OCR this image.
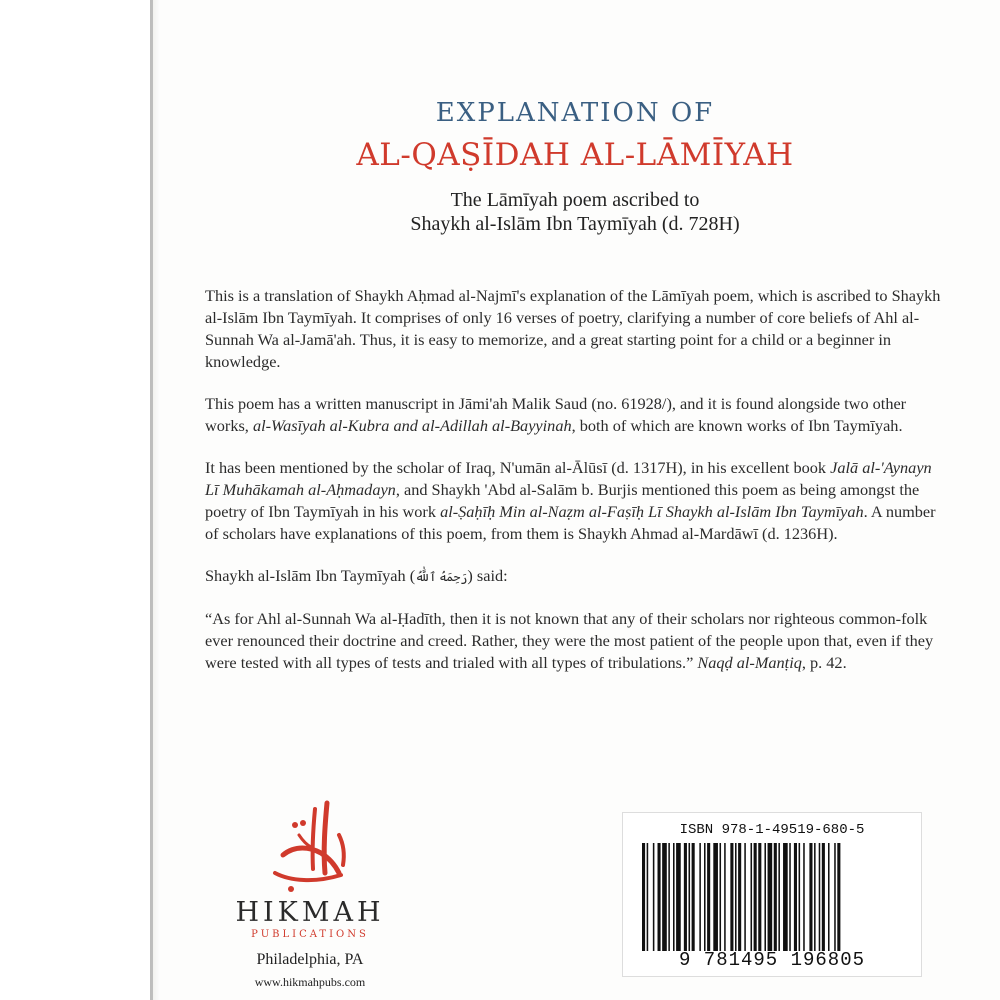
EXPLANATION OF
AL-QAṢĪDAH AL-LĀMĪYAH
The Lāmīyah poem ascribed to
Shaykh al-Islām Ibn Taymīyah (d. 728H)

This is a translation of Shaykh Aḥmad al-Najmī's explanation of the Lāmīyah poem, which is ascribed to Shaykh al-Islām Ibn Taymīyah. It comprises of only 16 verses of poetry, clarifying a number of core beliefs of Ahl al-Sunnah Wa al-Jamā'ah. Thus, it is easy to memorize, and a great starting point for a child or a beginner in knowledge.

This poem has a written manuscript in Jāmi'ah Malik Saud (no. 61928/), and it is found alongside two other works, al-Wasīyah al-Kubra and al-Adillah al-Bayyinah, both of which are known works of Ibn Taymīyah.

It has been mentioned by the scholar of Iraq, N'umān al-Ālūsī (d. 1317H), in his excellent book Jalā al-'Aynayn Lī Muhākamah al-Aḥmadayn, and Shaykh 'Abd al-Salām b. Burjis mentioned this poem as being amongst the poetry of Ibn Taymīyah in his work al-Ṣaḥīḥ Min al-Naẓm al-Faṣīḥ Lī Shaykh al-Islām Ibn Taymīyah. A number of scholars have explanations of this poem, from them is Shaykh Ahmad al-Mardāwī (d. 1236H).

Shaykh al-Islām Ibn Taymīyah (رَحِمَهُ ٱللَّٰهُ) said:

“As for Ahl al-Sunnah Wa al-Ḥadīth, then it is not known that any of their scholars nor righteous common-folk ever renounced their doctrine and creed. Rather, they were the most patient of the people upon that, even if they were tested with all types of tests and trialed with all types of tribulations.” Naqḍ al-Manṭiq, p. 42.

HIKMAH
PUBLICATIONS
Philadelphia, PA
www.hikmahpubs.com
ISBN 978-1-49519-680-5
9 781495 196805
